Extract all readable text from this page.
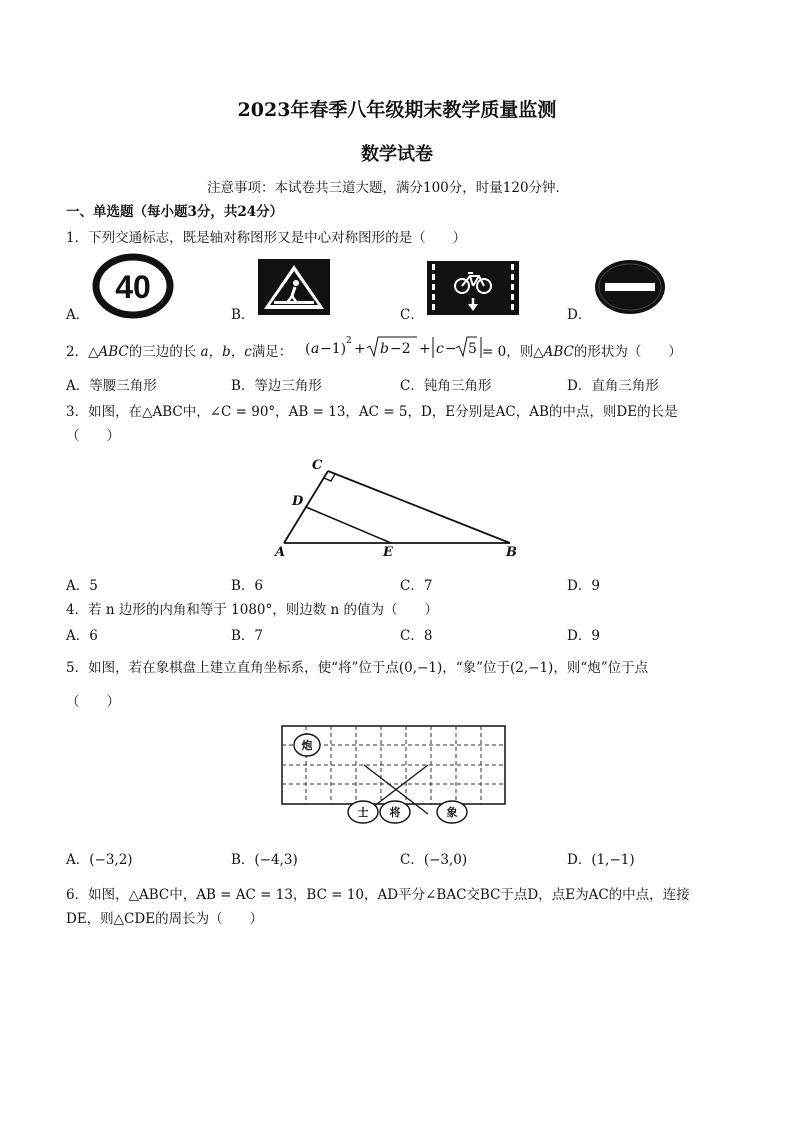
2023年春季八年级期末教学质量监测
数学试卷
注意事项：本试卷共三道大题，满分100分，时量120分钟．
一、单选题（每小题3分，共24分）
1．下列交通标志，既是轴对称图形又是中心对称图形的是（　　）
40
A．	B．	C．	D．
2．△ABC的三边的长 a，b，c满足： ( a −1) 2 + b −2 + c − 5 = 0，则△ABC的形状为（　　）
A．等腰三角形	B．等边三角形	C．钝角三角形	D．直角三角形
3．如图，在△ABC中，∠C = 90°，AB = 13，AC = 5，D，E分别是AC，AB的中点，则DE的长是
（　　）
C
D
A	E	B
A．5	B．6	C．7	D．9
4．若 n 边形的内角和等于 1080°，则边数 n 的值为（　　）
A．6	B．7	C．8	D．9
5．如图，若在象棋盘上建立直角坐标系，使“将”位于点(0,−1)，“象”位于(2,−1)，则“炮”位于点
（　　）
炮
士 将	象
A．(−3,2)	B．(−4,3)	C．(−3,0)	D．(1,−1)
6．如图，△ABC中，AB = AC = 13，BC = 10，AD平分∠BAC交BC于点D，点E为AC的中点，连接
DE，则△CDE的周长为（　　）
